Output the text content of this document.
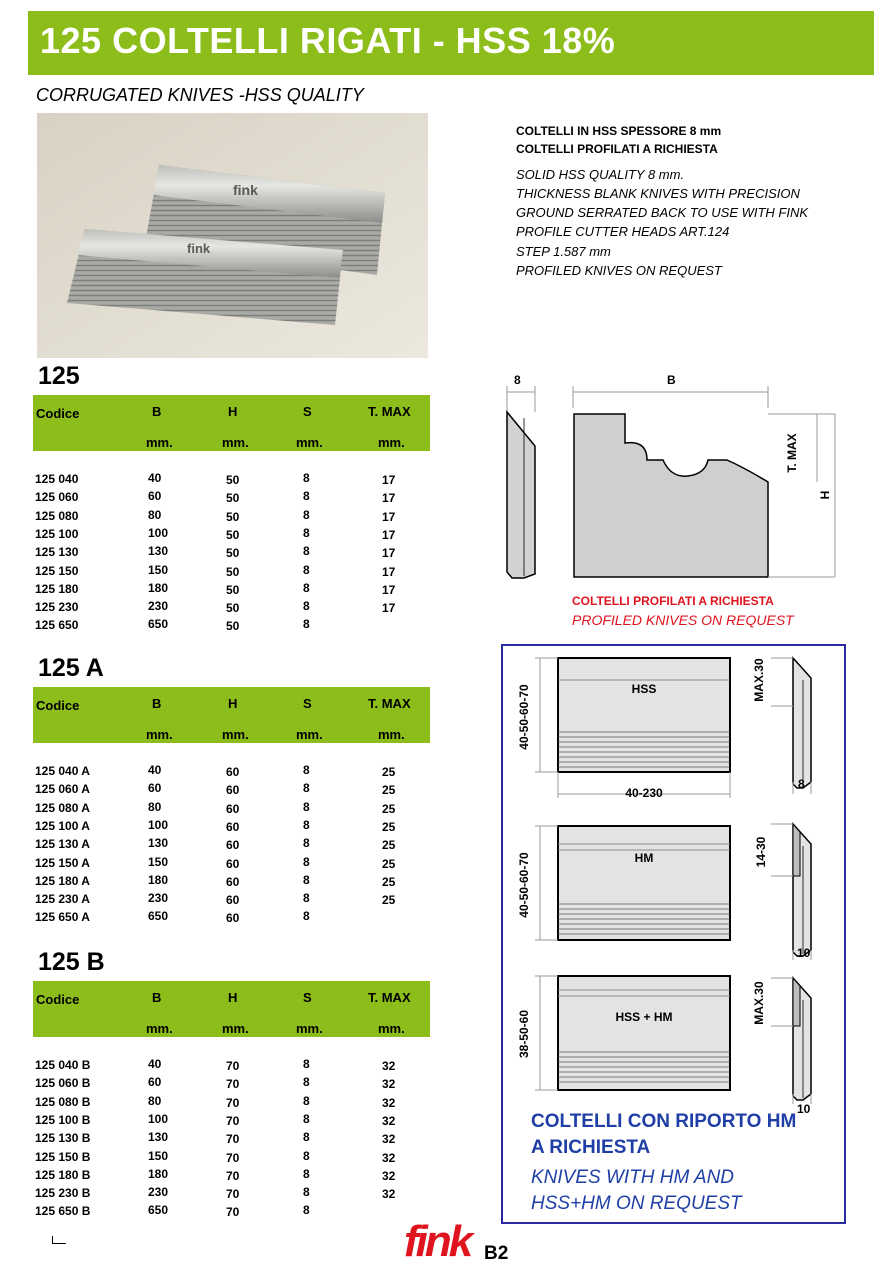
125 COLTELLI RIGATI - HSS 18%
CORRUGATED KNIVES -HSS QUALITY
fink
fink
COLTELLI IN HSS SPESSORE 8 mm
COLTELLI PROFILATI A RICHIESTA
SOLID HSS QUALITY 8 mm.
THICKNESS BLANK KNIVES WITH PRECISION
GROUND SERRATED BACK TO USE WITH FINK
PROFILE CUTTER HEADS ART.124
STEP 1.587 mm
PROFILED KNIVES ON REQUEST
125
Codice	B	H	S	T. MAX
mm.	mm.	mm.	mm.
125 040	40	50	8	17
125 060	60	50	8	17
125 080	80	50	8	17
125 100	100	50	8	17
125 130	130	50	8	17
125 150	150	50	8	17
125 180	180	50	8	17
125 230	230	50	8	17
125 650	650	50	8
125 A
Codice	B	H	S	T. MAX
mm.	mm.	mm.	mm.
125 040 A	40	60	8	25
125 060 A	60	60	8	25
125 080 A	80	60	8	25
125 100 A	100	60	8	25
125 130 A	130	60	8	25
125 150 A	150	60	8	25
125 180 A	180	60	8	25
125 230 A	230	60	8	25
125 650 A	650	60	8
125 B
Codice	B	H	S	T. MAX
mm.	mm.	mm.	mm.
125 040 B	40	70	8	32
125 060 B	60	70	8	32
125 080 B	80	70	8	32
125 100 B	100	70	8	32
125 130 B	130	70	8	32
125 150 B	150	70	8	32
125 180 B	180	70	8	32
125 230 B	230	70	8	32
125 650 B	650	70	8
8	B
T. MAX
H
COLTELLI PROFILATI A RICHIESTA
PROFILED KNIVES ON REQUEST
HSS
40-50-60-70
40-230
MAX.30
8
HM
40-50-60-70
14-30
10
HSS + HM
38-50-60
MAX.30
10
COLTELLI CON RIPORTO HM
A RICHIESTA
KNIVES WITH HM AND
HSS+HM ON REQUEST
fink B2
